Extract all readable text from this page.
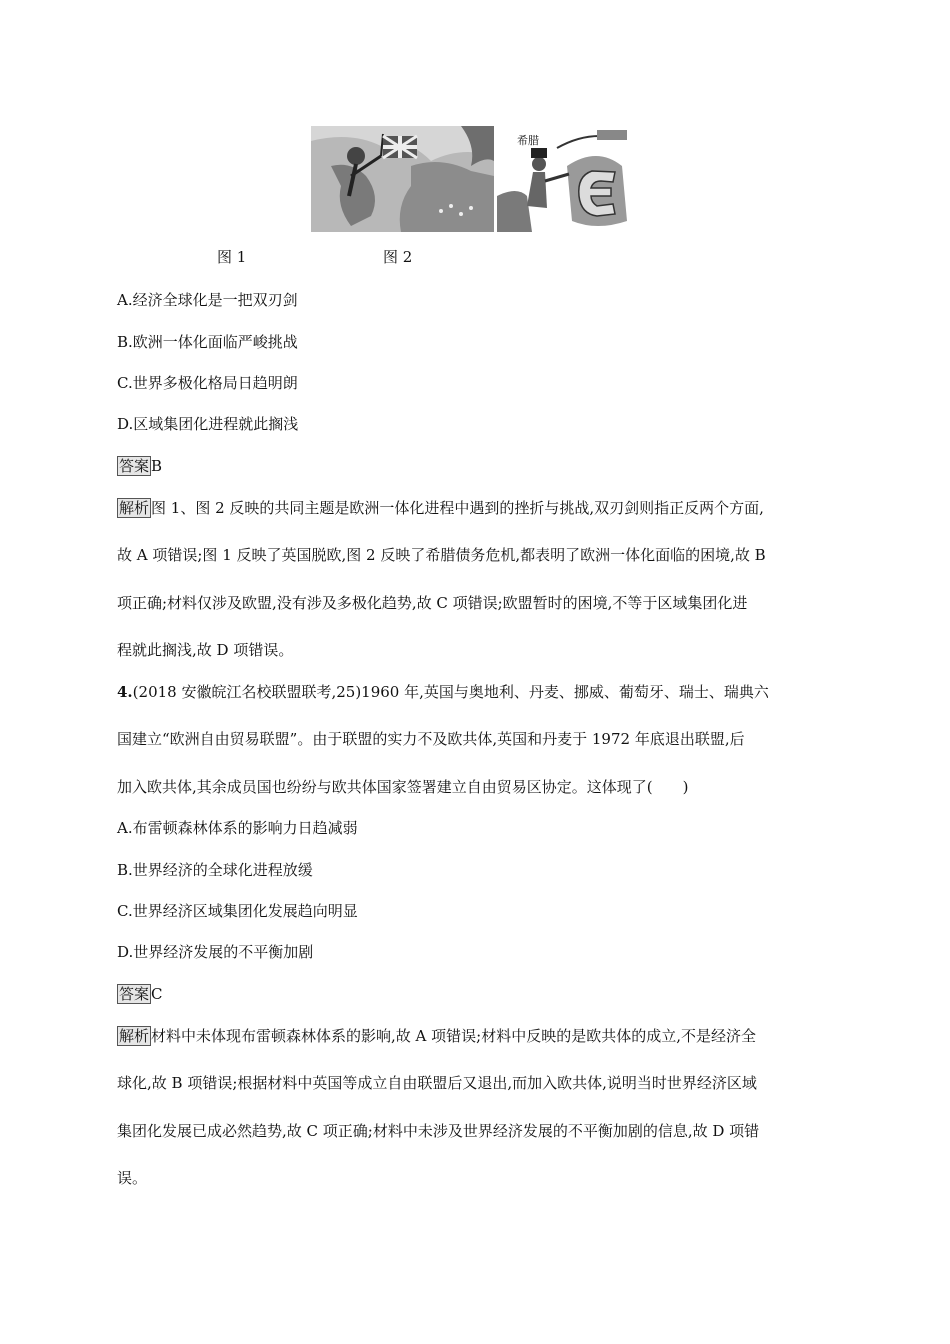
希腊
图 1	图 2
A.经济全球化是一把双刃剑
B.欧洲一体化面临严峻挑战
C.世界多极化格局日趋明朗
D.区域集团化进程就此搁浅
答案 B
解析 图 1、图 2 反映的共同主题是欧洲一体化进程中遇到的挫折与挑战,双刃剑则指正反两个方面,
故 A 项错误;图 1 反映了英国脱欧,图 2 反映了希腊债务危机,都表明了欧洲一体化面临的困境,故 B
项正确;材料仅涉及欧盟,没有涉及多极化趋势,故 C 项错误;欧盟暂时的困境,不等于区域集团化进
程就此搁浅,故 D 项错误。
4.(2018 安徽皖江名校联盟联考,25)1960 年,英国与奥地利、丹麦、挪威、葡萄牙、瑞士、瑞典六
国建立“欧洲自由贸易联盟”。由于联盟的实力不及欧共体,英国和丹麦于 1972 年底退出联盟,后
加入欧共体,其余成员国也纷纷与欧共体国家签署建立自由贸易区协定。这体现了(　　)
A.布雷顿森林体系的影响力日趋减弱
B.世界经济的全球化进程放缓
C.世界经济区域集团化发展趋向明显
D.世界经济发展的不平衡加剧
答案 C
解析 材料中未体现布雷顿森林体系的影响,故 A 项错误;材料中反映的是欧共体的成立,不是经济全
球化,故 B 项错误;根据材料中英国等成立自由联盟后又退出,而加入欧共体,说明当时世界经济区域
集团化发展已成必然趋势,故 C 项正确;材料中未涉及世界经济发展的不平衡加剧的信息,故 D 项错
误。
